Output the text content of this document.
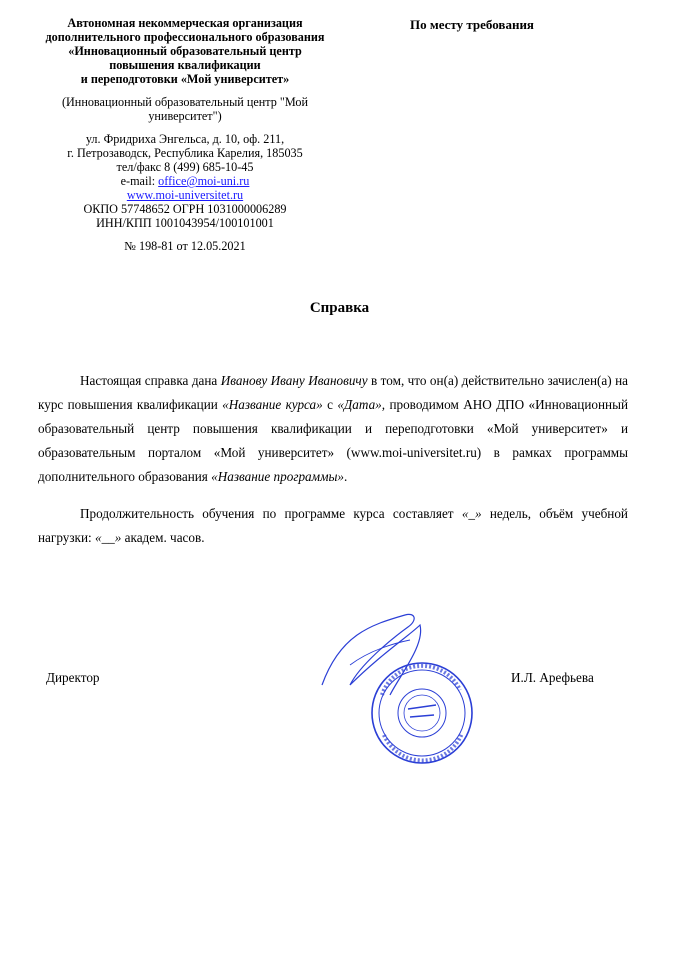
Автономная некоммерческая организация
дополнительного профессионального образования
«Инновационный образовательный центр
повышения квалификации
и переподготовки «Мой университет»
(Инновационный образовательный центр "Мой университет")
ул. Фридриха Энгельса, д. 10, оф. 211,
г. Петрозаводск, Республика Карелия, 185035
тел/факс 8 (499) 685-10-45
e-mail: office@moi-uni.ru
www.moi-universitet.ru
ОКПО 57748652 ОГРН 1031000006289
ИНН/КПП 1001043954/100101001
№ 198-81 от 12.05.2021
По месту требования
Справка
Настоящая справка дана Иванову Ивану Ивановичу в том, что он(а) действительно зачислен(а) на курс повышения квалификации «Название курса» с «Дата», проводимом АНО ДПО «Инновационный образовательный центр повышения квалификации и переподготовки «Мой университет» и образовательным порталом «Мой университет» (www.moi-universitet.ru) в рамках программы дополнительного образования «Название программы».
Продолжительность обучения по программе курса составляет «_» недель, объём учебной нагрузки: «__» академ. часов.
Директор	И.Л. Арефьева
